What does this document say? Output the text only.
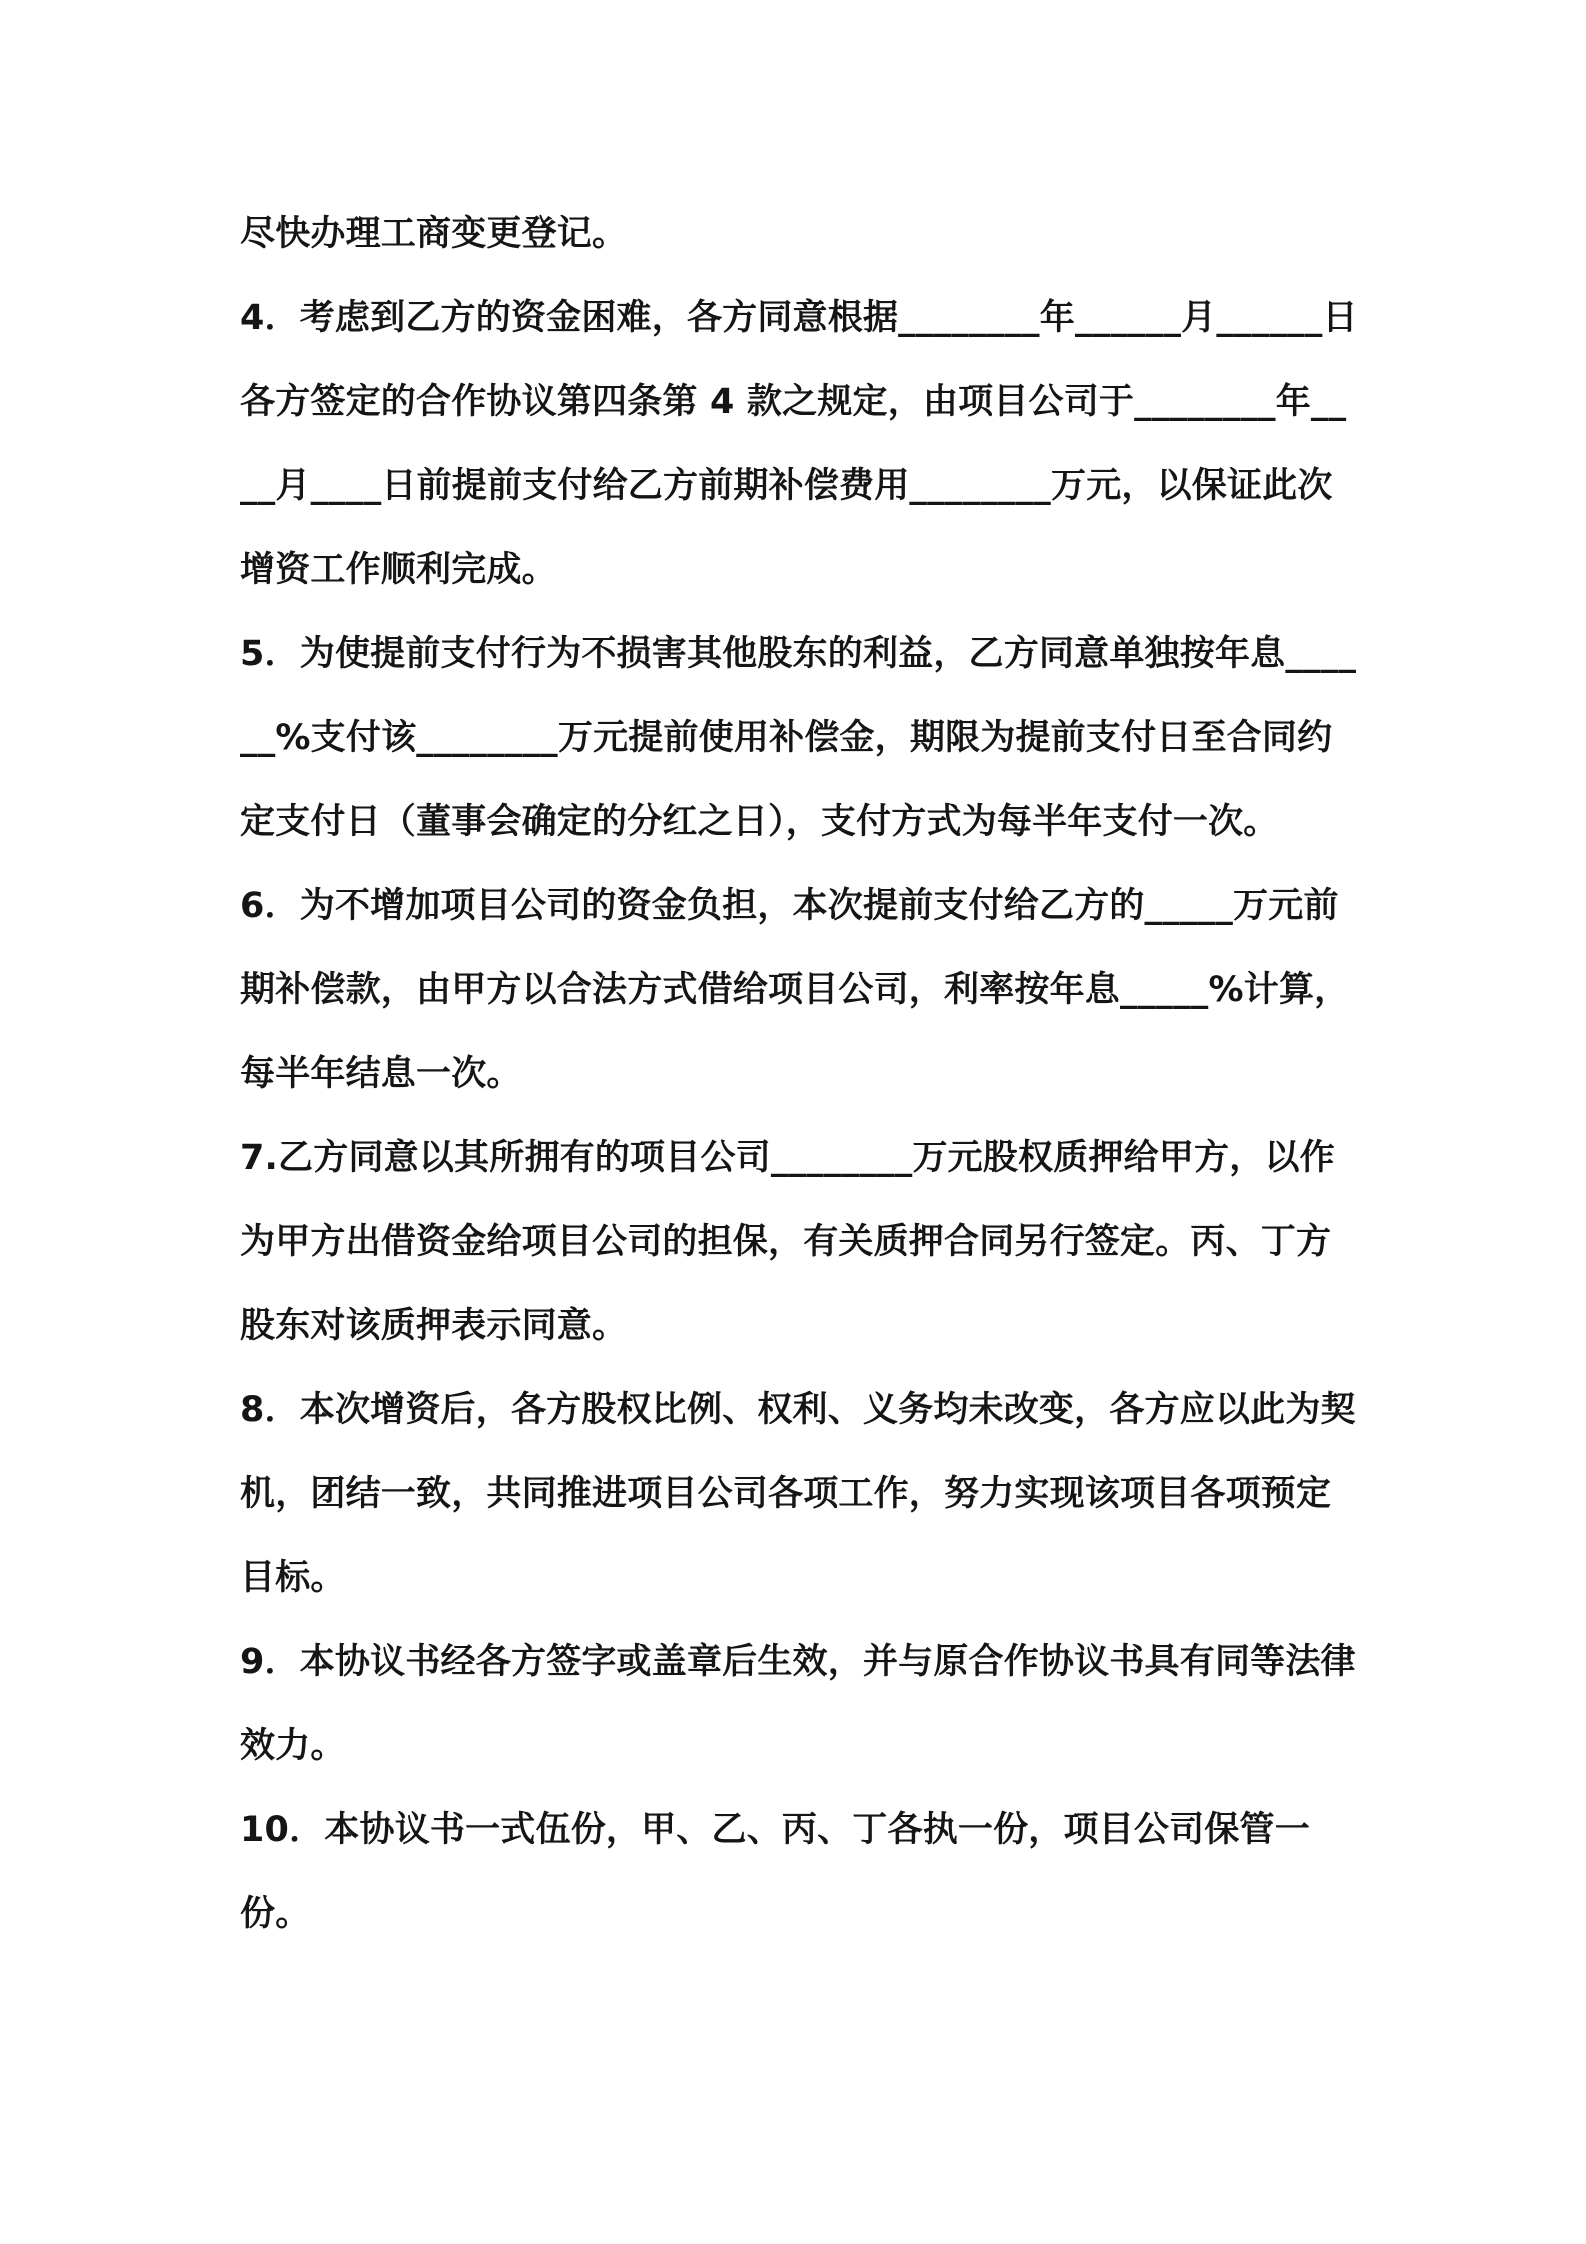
尽快办理工商变更登记。

4．考虑到乙方的资金困难，各方同意根据________年______月______日各方签定的合作协议第四条第 4 款之规定，由项目公司于________年____月____日前提前支付给乙方前期补偿费用________万元，以保证此次增资工作顺利完成。

5．为使提前支付行为不损害其他股东的利益，乙方同意单独按年息______%支付该________万元提前使用补偿金，期限为提前支付日至合同约定支付日（董事会确定的分红之日），支付方式为每半年支付一次。

6．为不增加项目公司的资金负担，本次提前支付给乙方的_____万元前期补偿款，由甲方以合法方式借给项目公司，利率按年息_____%计算，每半年结息一次。

7.乙方同意以其所拥有的项目公司________万元股权质押给甲方，以作为甲方出借资金给项目公司的担保，有关质押合同另行签定。丙、丁方股东对该质押表示同意。

8．本次增资后，各方股权比例、权利、义务均未改变，各方应以此为契机，团结一致，共同推进项目公司各项工作，努力实现该项目各项预定目标。

9．本协议书经各方签字或盖章后生效，并与原合作协议书具有同等法律效力。

10．本协议书一式伍份，甲、乙、丙、丁各执一份，项目公司保管一份。
